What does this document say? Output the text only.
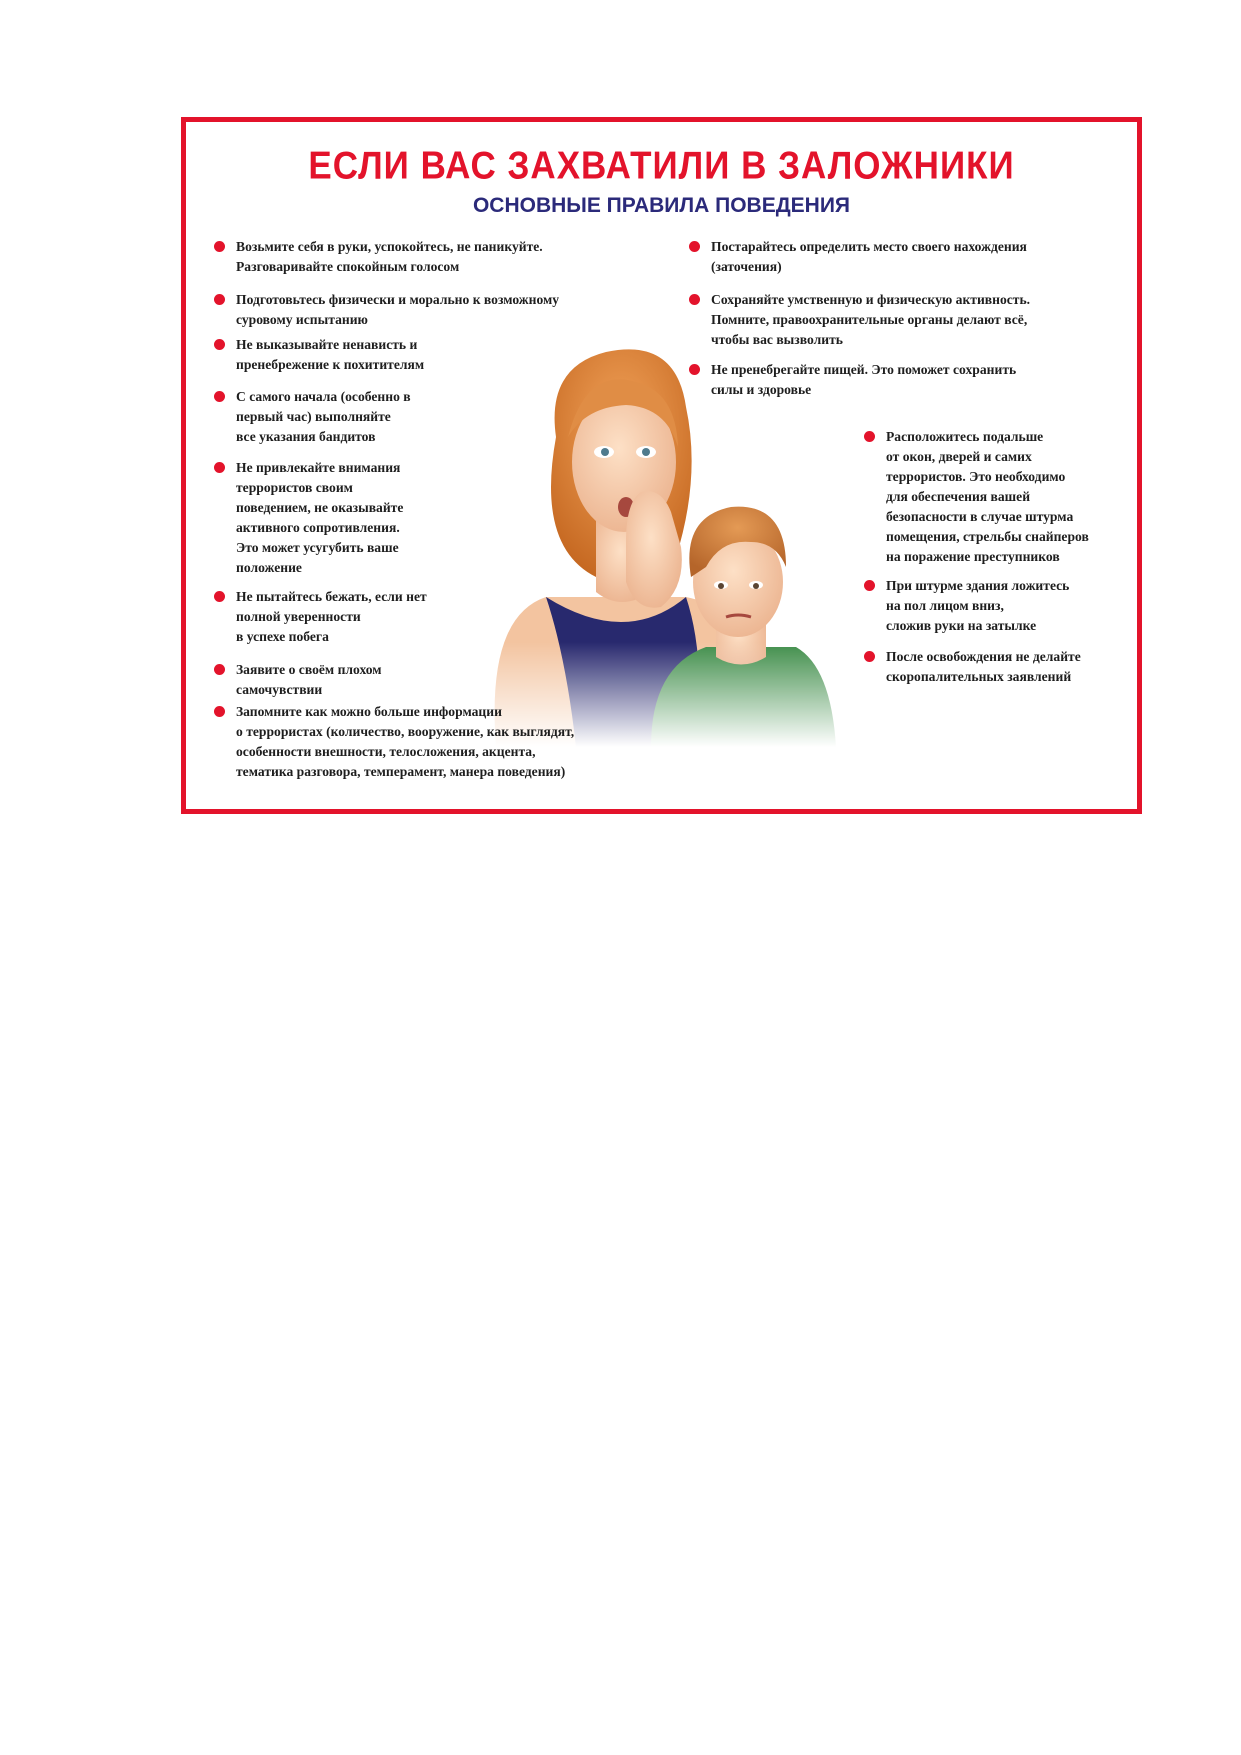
ЕСЛИ ВАС ЗАХВАТИЛИ В ЗАЛОЖНИКИ
ОСНОВНЫЕ ПРАВИЛА ПОВЕДЕНИЯ
Возьмите себя в руки, успокойтесь, не паникуйте.
Разговаривайте спокойным голосом
Подготовьтесь физически и морально к возможному
суровому испытанию
Не выказывайте ненависть и
пренебрежение к похитителям
С самого начала (особенно в
первый час) выполняйте
все указания бандитов
Не привлекайте внимания
террористов своим
поведением, не оказывайте
активного сопротивления.
Это может усугубить ваше
положение
Не пытайтесь бежать, если нет
полной уверенности
в успехе побега
Заявите о своём плохом
самочувствии
Запомните как можно больше информации
о террористах (количество, вооружение, как выглядят,
особенности внешности, телосложения, акцента,
тематика разговора, темперамент, манера поведения)
Постарайтесь определить место своего нахождения
(заточения)
Сохраняйте умственную и физическую активность.
Помните, правоохранительные органы делают всё,
чтобы вас вызволить
Не пренебрегайте пищей. Это поможет сохранить
силы и здоровье
Расположитесь подальше
от окон, дверей и самих
террористов. Это необходимо
для обеспечения вашей
безопасности в случае штурма
помещения, стрельбы снайперов
на поражение преступников
При штурме здания ложитесь
на пол лицом вниз,
сложив руки на затылке
После освобождения не делайте
скоропалительных заявлений
